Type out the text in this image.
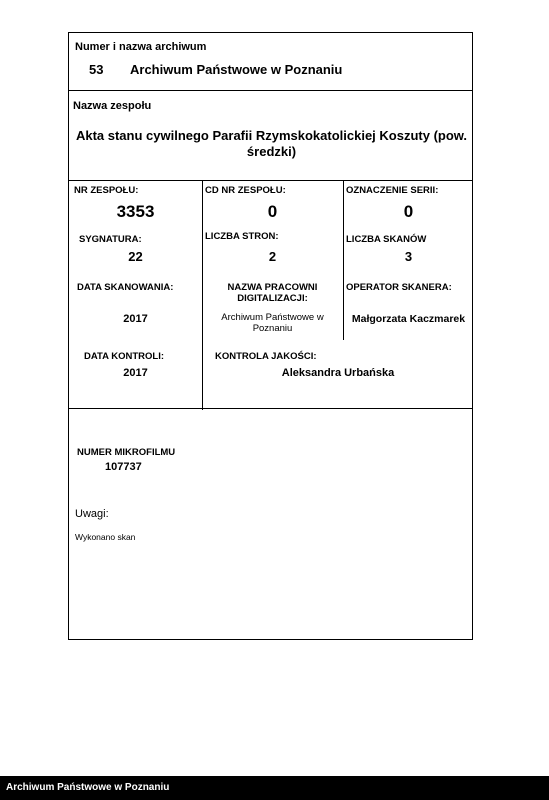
Numer i nazwa archiwum
53 Archiwum Państwowe w Poznaniu
Nazwa zespołu
Akta stanu cywilnego Parafii Rzymskokatolickiej Koszuty (pow.
średzki)
NR ZESPOŁU:
3353
CD NR ZESPOŁU:
0
OZNACZENIE SERII:
0
SYGNATURA:
22
LICZBA STRON:
2
LICZBA SKANÓW
3
DATA SKANOWANIA:
2017
NAZWA PRACOWNI
DIGITALIZACJI:
Archiwum Państwowe w
Poznaniu
OPERATOR SKANERA:
Małgorzata Kaczmarek
DATA KONTROLI:
2017
KONTROLA JAKOŚCI:
Aleksandra Urbańska
NUMER MIKROFILMU
107737
Uwagi:
Wykonano skan
Archiwum Państwowe w Poznaniu
